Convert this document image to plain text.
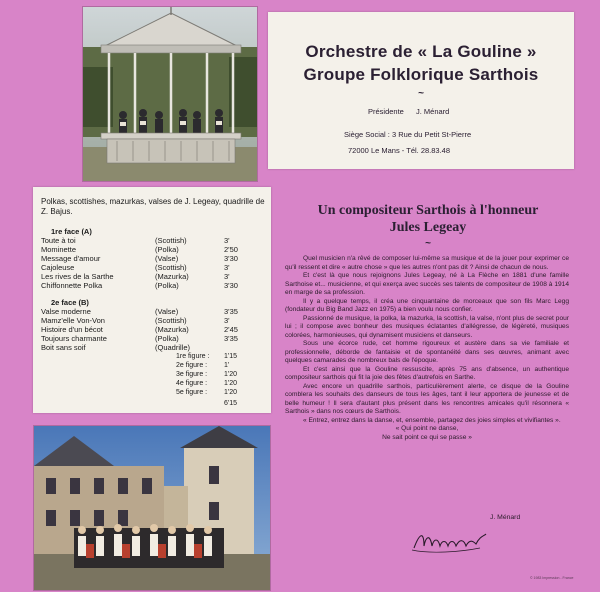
Orchestre de « La Gouline »
Groupe Folklorique Sarthois
~
Présidente J. Ménard
Siège Social : 3 Rue du Petit St-Pierre
72000 Le Mans - Tél. 28.83.48
Polkas, scottishes, mazurkas, valses de J. Legeay, quadrille de Z. Bajus.
1re face (A)
Toute à toi	(Scottish)	3'
Mominette	(Polka)	2'50
Message d'amour	(Valse)	3'30
Cajoleuse	(Scottish)	3'
Les rives de la Sarthe	(Mazurka)	3'
Chiffonnette Polka	(Polka)	3'30
2e face (B)
Valse moderne	(Valse)	3'35
Mamz'elle Von-Von	(Scottish)	3'
Histoire d'un bécot	(Mazurka)	2'45
Toujours charmante	(Polka)	3'35
Boit sans soif	(Quadrille)
1re figure : 1'15
2e figure : 1'
3e figure : 1'20
4e figure : 1'20
5e figure : 1'20
6'15
Un compositeur Sarthois à l'honneur
Jules Legeay
~

Quel musicien n'a rêvé de composer lui-même sa musique et de la jouer pour exprimer ce qu'il ressent et dire « autre chose » que les autres n'ont pas dit ? Ainsi de chacun de nous.

Et c'est là que nous rejoignons Jules Legeay, né à La Flèche en 1881 d'une famille Sarthoise et... musicienne, et qui exerça avec succès ses talents de compositeur de 1908 à 1914 en marge de sa profession.

Il y a quelque temps, il créa une cinquantaine de morceaux que son fils Marc Legg (fondateur du Big Band Jazz en 1975) a bien voulu nous confier.

Passionné de musique, la polka, la mazurka, la scottish, la valse, n'ont plus de secret pour lui ; il compose avec bonheur des musiques éclatantes d'allégresse, de légèreté, musiques colorées, harmonieuses, qui dynamisent musiciens et danseurs.

Sous une écorce rude, cet homme rigoureux et austère dans sa vie familiale et professionnelle, déborde de fantaisie et de spontanéité dans ses œuvres, animant avec quelques camarades de nombreux bals de l'époque.

Et c'est ainsi que la Gouline ressuscite, après 75 ans d'absence, un authentique compositeur sarthois qui fit la joie des fêtes d'autrefois en Sarthe.

Avec encore un quadrille sarthois, particulièrement alerte, ce disque de la Gouline comblera les souhaits des danseurs de tous les âges, tant il leur apportera de jeunesse et de belle humeur ! Il sera d'autant plus présent dans les rencontres amicales qu'il résonnera « Sarthois » dans nos cœurs de Sarthois.

« Entrez, entrez dans la danse, et, ensemble, partagez des joies simples et vivifiantes ».

« Qui point ne danse,

Ne sait point ce qui se passe »

J. Ménard
© 1983 Impression - France
